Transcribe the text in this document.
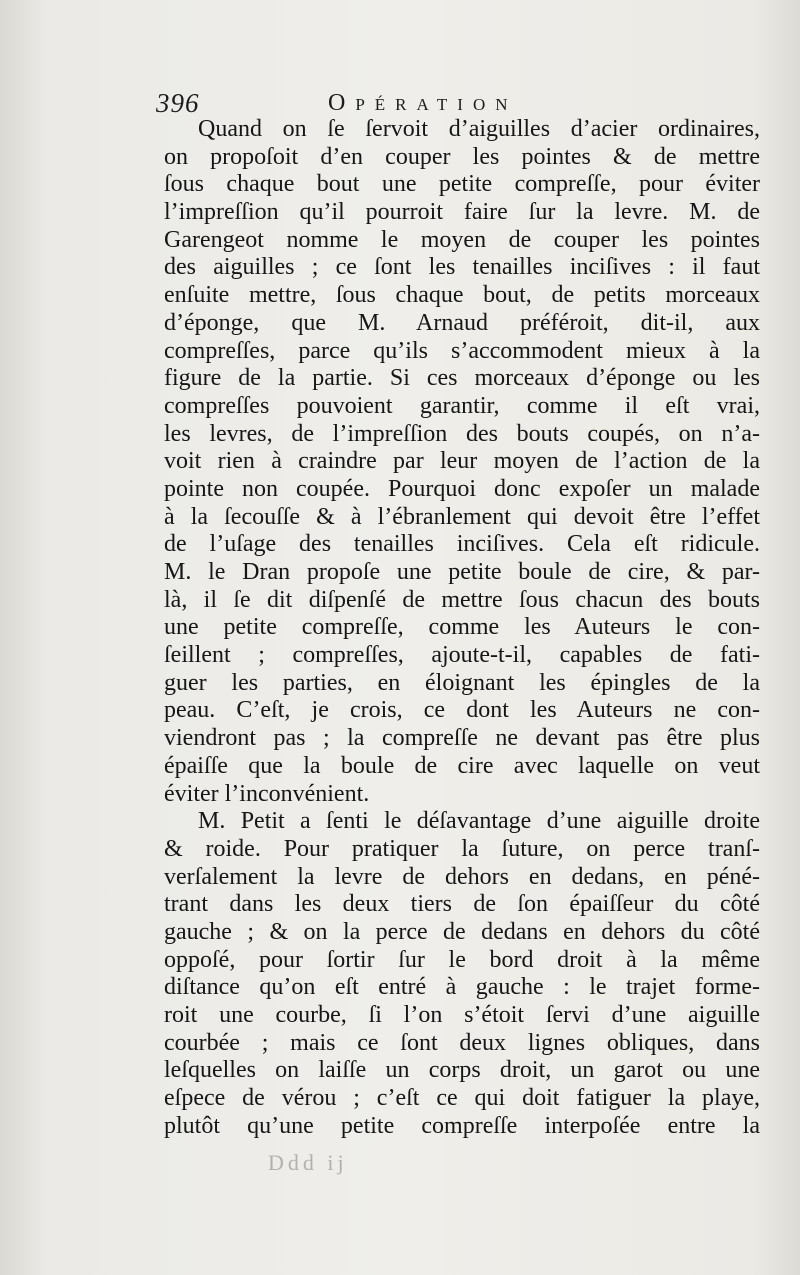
396	Opération
Quand on ſe ſervoit d’aiguilles d’acier ordinaires,
on propoſoit d’en couper les pointes & de mettre
ſous chaque bout une petite compreſſe, pour éviter
l’impreſſion qu’il pourroit faire ſur la levre. M. de
Garengeot nomme le moyen de couper les pointes
des aiguilles ; ce ſont les tenailles inciſives : il faut
enſuite mettre, ſous chaque bout, de petits morceaux
d’éponge, que M. Arnaud préféroit, dit-il, aux
compreſſes, parce qu’ils s’accommodent mieux à la
figure de la partie. Si ces morceaux d’éponge ou les
compreſſes pouvoient garantir, comme il eſt vrai,
les levres, de l’impreſſion des bouts coupés, on n’a-
voit rien à craindre par leur moyen de l’action de la
pointe non coupée. Pourquoi donc expoſer un malade
à la ſecouſſe & à l’ébranlement qui devoit être l’effet
de l’uſage des tenailles inciſives. Cela eſt ridicule.
M. le Dran propoſe une petite boule de cire, & par-
là, il ſe dit diſpenſé de mettre ſous chacun des bouts
une petite compreſſe, comme les Auteurs le con-
ſeillent ; compreſſes, ajoute-t-il, capables de fati-
guer les parties, en éloignant les épingles de la
peau. C’eſt, je crois, ce dont les Auteurs ne con-
viendront pas ; la compreſſe ne devant pas être plus
épaiſſe que la boule de cire avec laquelle on veut
éviter l’inconvénient.
M. Petit a ſenti le déſavantage d’une aiguille droite
& roide. Pour pratiquer la ſuture, on perce tranſ-
verſalement la levre de dehors en dedans, en péné-
trant dans les deux tiers de ſon épaiſſeur du côté
gauche ; & on la perce de dedans en dehors du côté
oppoſé, pour ſortir ſur le bord droit à la même
diſtance qu’on eſt entré à gauche : le trajet forme-
roit une courbe, ſi l’on s’étoit ſervi d’une aiguille
courbée ; mais ce ſont deux lignes obliques, dans
leſquelles on laiſſe un corps droit, un garot ou une
eſpece de vérou ; c’eſt ce qui doit fatiguer la playe,
plutôt qu’une petite compreſſe interpoſée entre la
Ddd ij
